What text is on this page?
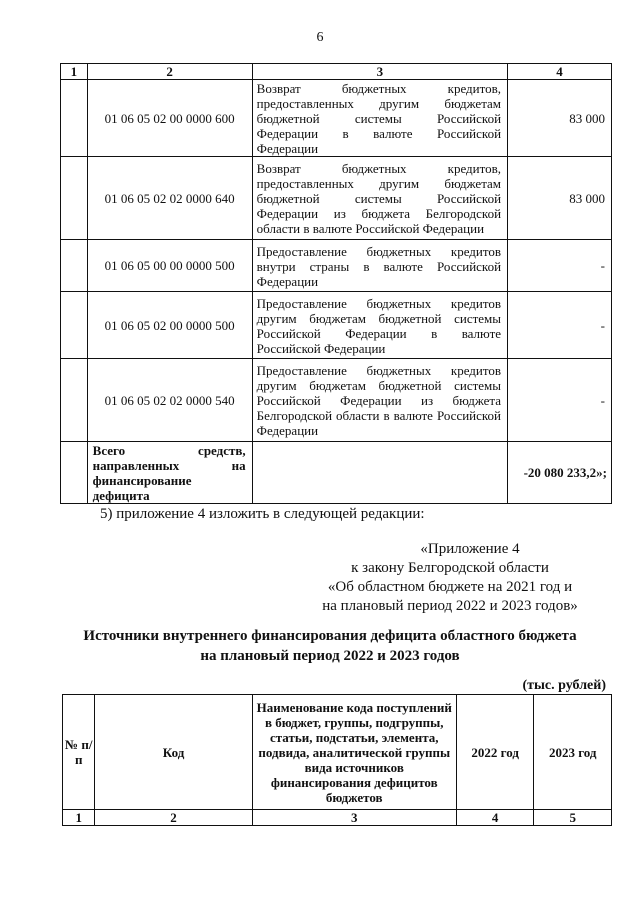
6
1	2	3	4
	01 06 05 02 00 0000 600	Возврат бюджетных кредитов, предоставленных другим бюджетам бюджетной системы Российской Федерации в валюте Российской Федерации	83 000
	01 06 05 02 02 0000 640	Возврат бюджетных кредитов, предоставленных другим бюджетам бюджетной системы Российской Федерации из бюджета Белгородской области в валюте Российской Федерации	83 000
	01 06 05 00 00 0000 500	Предоставление бюджетных кредитов внутри страны в валюте Российской Федерации	-
	01 06 05 02 00 0000 500	Предоставление бюджетных кредитов другим бюджетам бюджетной системы Российской Федерации в валюте Российской Федерации	-
	01 06 05 02 02 0000 540	Предоставление бюджетных кредитов другим бюджетам бюджетной системы Российской Федерации из бюджета Белгородской области в валюте Российской Федерации	-
	Всего средств, направленных на финансирование дефицита		-20 080 233,2»;
5) приложение 4 изложить в следующей редакции:
«Приложение 4
к закону Белгородской области
«Об областном бюджете на 2021 год и
на плановый период 2022 и 2023 годов»
Источники внутреннего финансирования дефицита областного бюджета на плановый период 2022 и 2023 годов
(тыс. рублей)
№ п/п	Код	Наименование кода поступлений в бюджет, группы, подгруппы, статьи, подстатьи, элемента, подвида, аналитической группы вида источников финансирования дефицитов бюджетов	2022 год	2023 год
1	2	3	4	5
